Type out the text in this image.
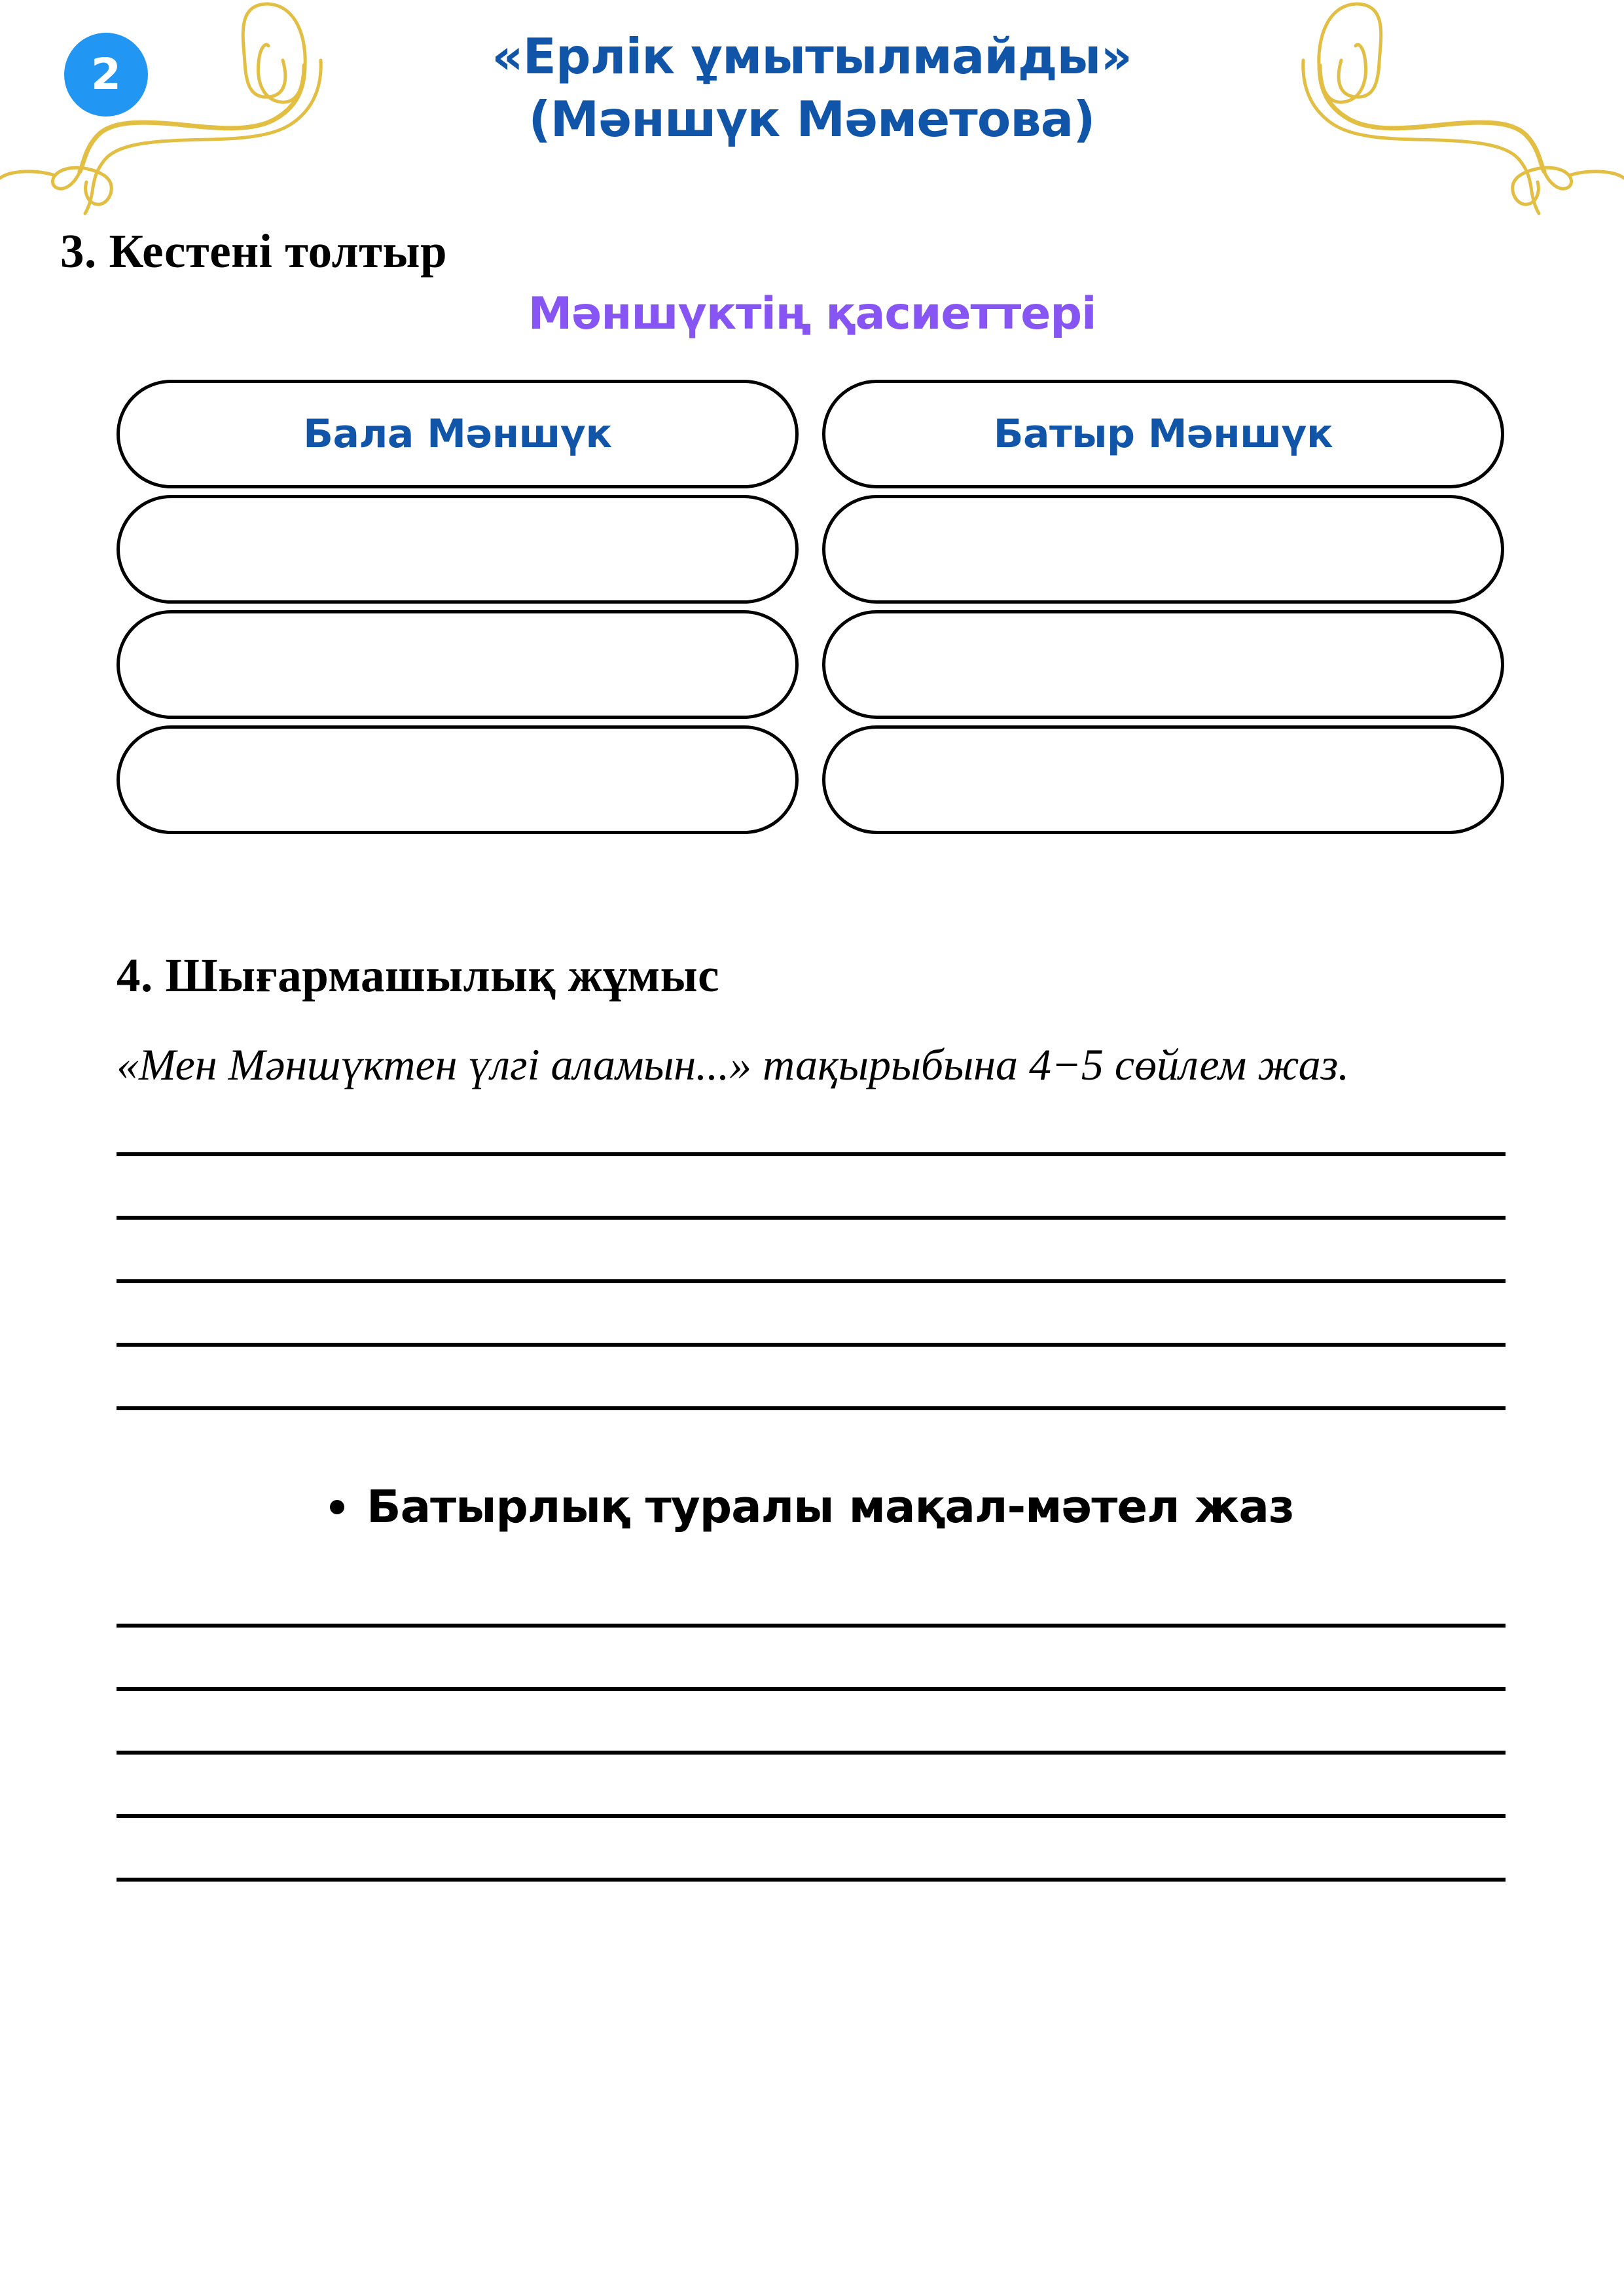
2	«Ерлік ұмытылмайды»
(Мәншүк Мәметова)
3. Кестені толтыр
Мәншүктің қасиеттері
Бала Мәншүк	Батыр Мәншүк
4. Шығармашылық жұмыс
«Мен Мәншүктен үлгі аламын...» тақырыбына 4−5 сөйлем жаз.
Батырлық туралы мақал-мәтел жаз
